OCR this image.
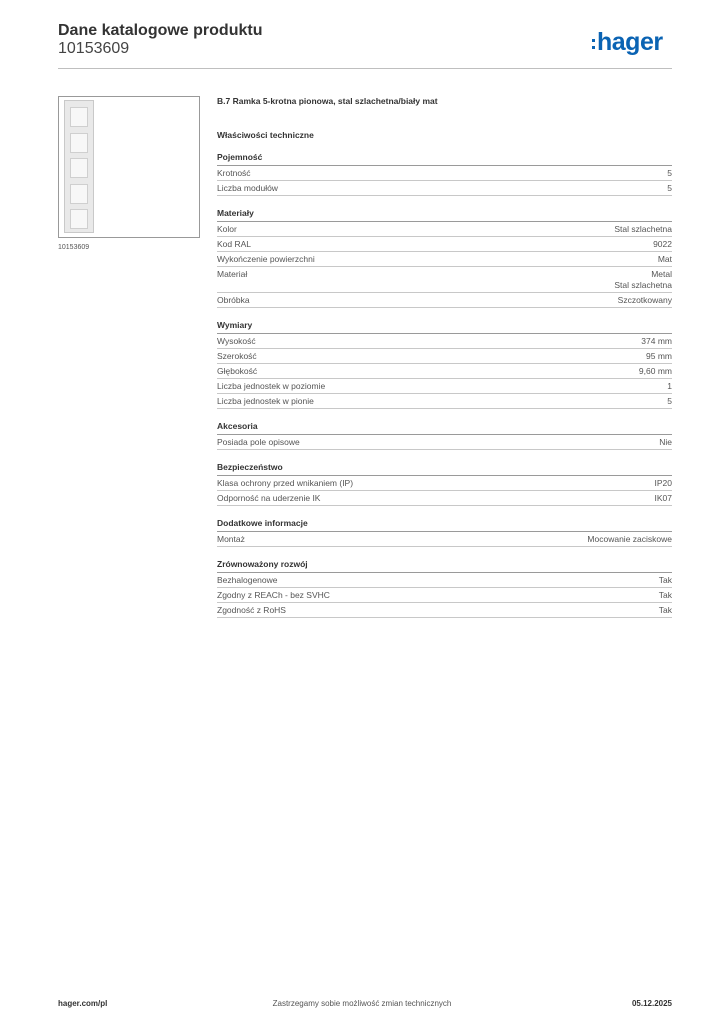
Dane katalogowe produktu
10153609	hager
10153609
B.7 Ramka 5-krotna pionowa, stal szlachetna/biały mat
Właściwości techniczne
Pojemność
Krotność	5
Liczba modułów	5
Materiały
Kolor	Stal szlachetna
Kod RAL	9022
Wykończenie powierzchni	Mat
Materiał	Metal
Stal szlachetna
Obróbka	Szczotkowany
Wymiary
Wysokość	374 mm
Szerokość	95 mm
Głębokość	9,60 mm
Liczba jednostek w poziomie	1
Liczba jednostek w pionie	5
Akcesoria
Posiada pole opisowe	Nie
Bezpieczeństwo
Klasa ochrony przed wnikaniem (IP)	IP20
Odporność na uderzenie IK	IK07
Dodatkowe informacje
Montaż	Mocowanie zaciskowe
Zrównoważony rozwój
Bezhalogenowe	Tak
Zgodny z REACh - bez SVHC	Tak
Zgodność z RoHS	Tak
hager.com/pl	Zastrzegamy sobie możliwość zmian technicznych	05.12.2025
